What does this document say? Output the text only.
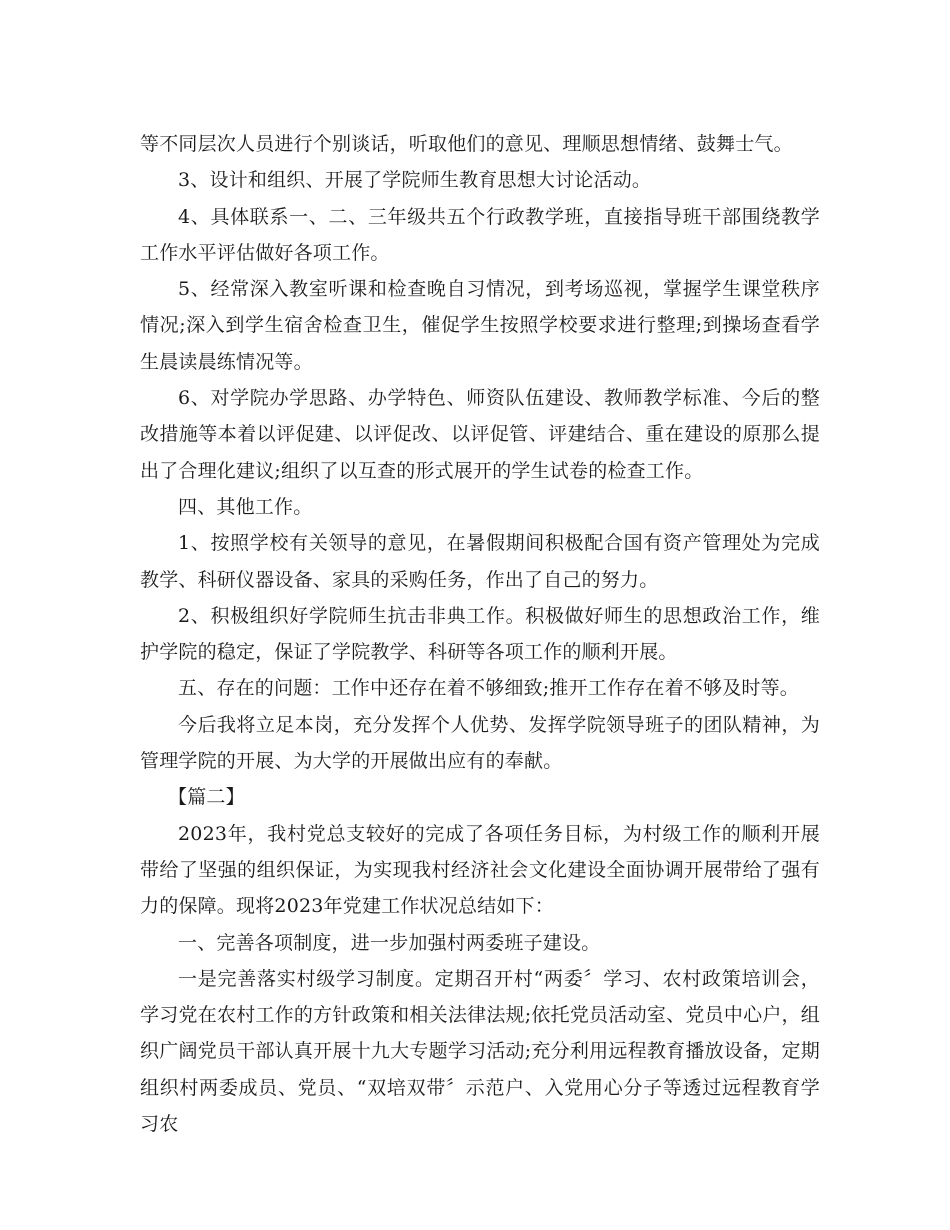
等不同层次人员进行个别谈话，听取他们的意见、理顺思想情绪、鼓舞士气。

3、设计和组织、开展了学院师生教育思想大讨论活动。

4、具体联系一、二、三年级共五个行政教学班，直接指导班干部围绕教学工作水平评估做好各项工作。

5、经常深入教室听课和检查晚自习情况，到考场巡视，掌握学生课堂秩序情况;深入到学生宿舍检查卫生，催促学生按照学校要求进行整理;到操场查看学生晨读晨练情况等。

6、对学院办学思路、办学特色、师资队伍建设、教师教学标准、今后的整改措施等本着以评促建、以评促改、以评促管、评建结合、重在建设的原那么提出了合理化建议;组织了以互查的形式展开的学生试卷的检查工作。

四、其他工作。

1、按照学校有关领导的意见，在暑假期间积极配合国有资产管理处为完成教学、科研仪器设备、家具的采购任务，作出了自己的努力。

2、积极组织好学院师生抗击非典工作。积极做好师生的思想政治工作，维护学院的稳定，保证了学院教学、科研等各项工作的顺利开展。

五、存在的问题：工作中还存在着不够细致;推开工作存在着不够及时等。

今后我将立足本岗，充分发挥个人优势、发挥学院领导班子的团队精神，为管理学院的开展、为大学的开展做出应有的奉献。

【篇二】

2023年，我村党总支较好的完成了各项任务目标，为村级工作的顺利开展带给了坚强的组织保证，为实现我村经济社会文化建设全面协调开展带给了强有力的保障。现将2023年党建工作状况总结如下：

一、完善各项制度，进一步加强村两委班子建设。

一是完善落实村级学习制度。定期召开村“两委〞学习、农村政策培训会，学习党在农村工作的方针政策和相关法律法规;依托党员活动室、党员中心户，组织广阔党员干部认真开展十九大专题学习活动;充分利用远程教育播放设备，定期组织村两委成员、党员、“双培双带〞示范户、入党用心分子等透过远程教育学习农
